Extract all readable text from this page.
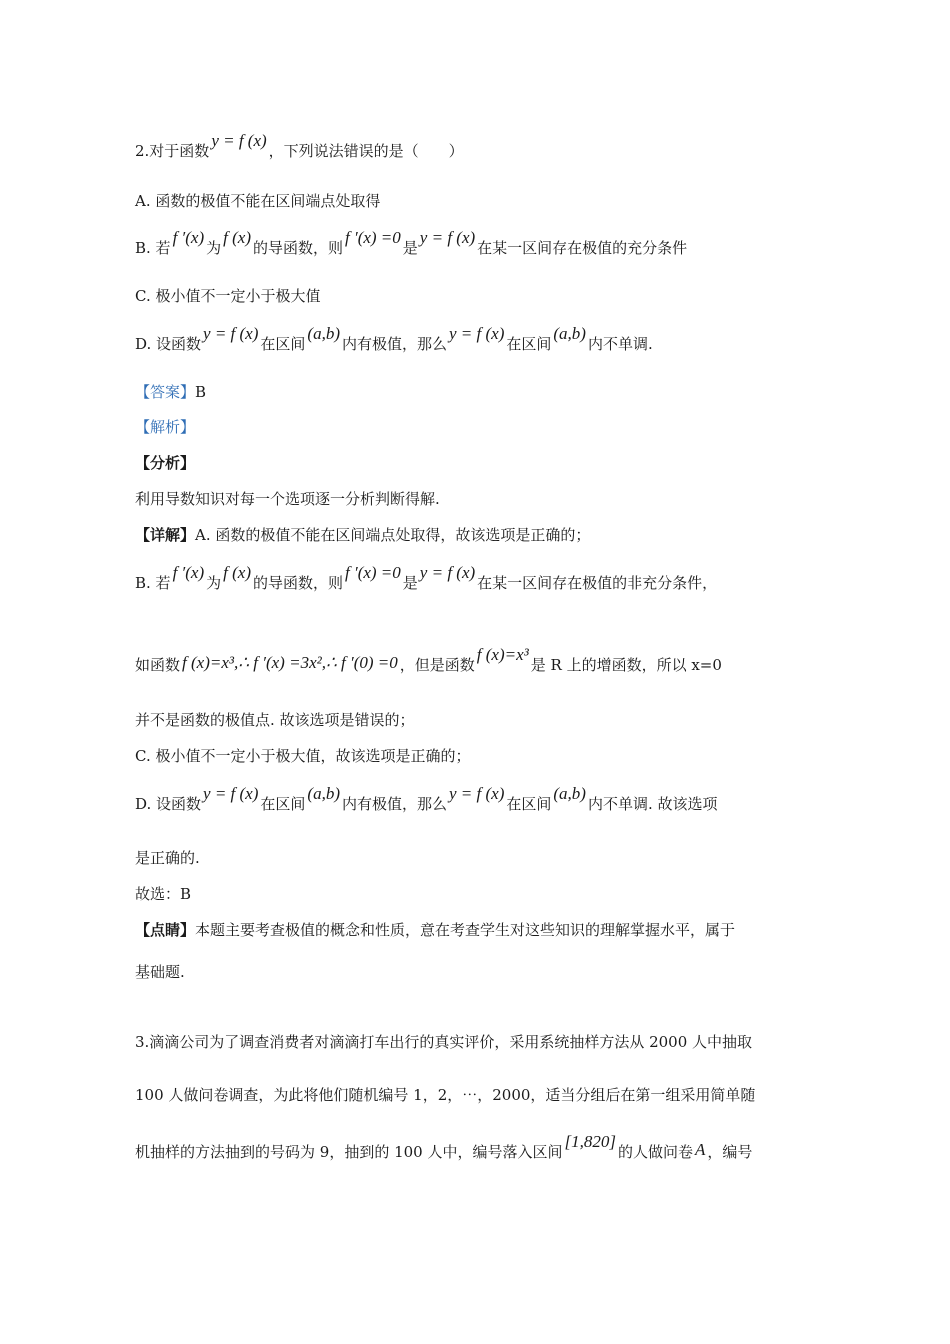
2.对于函数y = f (x)，下列说法错误的是（　　）
A. 函数的极值不能在区间端点处取得
B. 若f ′(x)为f (x)的导函数，则f ′(x) =0是y = f (x)在某一区间存在极值的充分条件
C. 极小值不一定小于极大值
D. 设函数y = f (x)在区间(a,b)内有极值，那么y = f (x)在区间(a,b)内不单调.
【答案】B
【解析】
【分析】
利用导数知识对每一个选项逐一分析判断得解.
【详解】A. 函数的极值不能在区间端点处取得，故该选项是正确的；
B. 若f ′(x)为f (x)的导函数，则f ′(x) =0是y = f (x)在某一区间存在极值的非充分条件，
如函数 f (x)=x³,∴ f ′(x) =3x²,∴ f ′(0) =0 ，但是函数f (x)=x³是 R 上的增函数，所以 x=0
并不是函数的极值点. 故该选项是错误的；
C. 极小值不一定小于极大值，故该选项是正确的；
D. 设函数y = f (x)在区间(a,b)内有极值，那么y = f (x)在区间(a,b)内不单调. 故该选项
是正确的.
故选：B
【点睛】本题主要考查极值的概念和性质，意在考查学生对这些知识的理解掌握水平，属于
基础题.
3.滴滴公司为了调查消费者对滴滴打车出行的真实评价，采用系统抽样方法从 2000 人中抽取
100 人做问卷调查，为此将他们随机编号 1，2，⋯，2000，适当分组后在第一组采用简单随
机抽样的方法抽到的号码为 9，抽到的 100 人中，编号落入区间[1,820]的人做问卷 A ，编号
